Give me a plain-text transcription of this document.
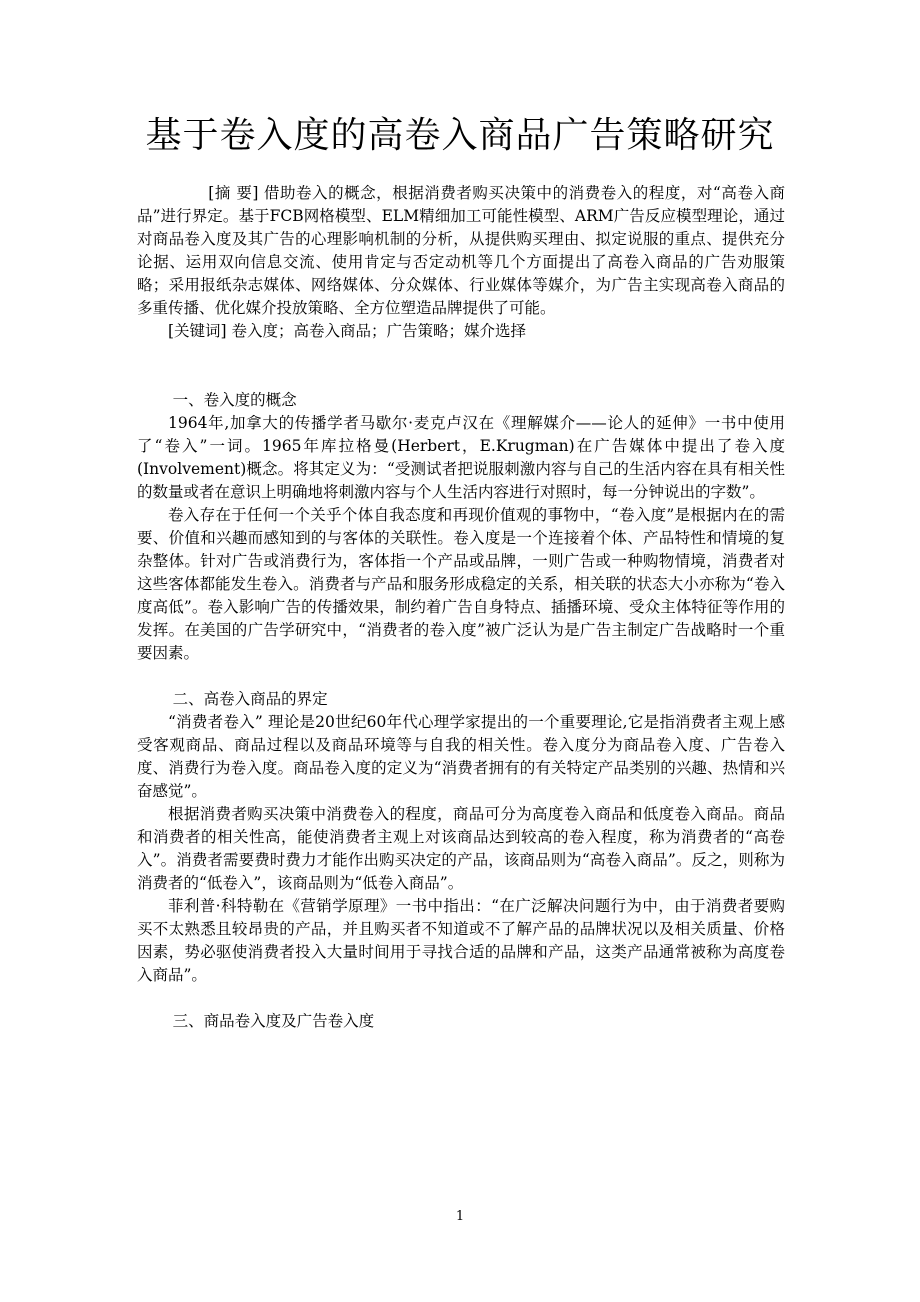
基于卷入度的高卷入商品广告策略研究

[摘 要] 借助卷入的概念，根据消费者购买决策中的消费卷入的程度，对“高卷入商品”进行界定。基于FCB网格模型、ELM精细加工可能性模型、ARM广告反应模型理论，通过对商品卷入度及其广告的心理影响机制的分析，从提供购买理由、拟定说服的重点、提供充分论据、运用双向信息交流、使用肯定与否定动机等几个方面提出了高卷入商品的广告劝服策略；采用报纸杂志媒体、网络媒体、分众媒体、行业媒体等媒介，为广告主实现高卷入商品的多重传播、优化媒介投放策略、全方位塑造品牌提供了可能。

[关键词] 卷入度；高卷入商品；广告策略；媒介选择

一、卷入度的概念

1964年,加拿大的传播学者马歇尔·麦克卢汉在《理解媒介——论人的延伸》一书中使用了“卷入”一词。1965年库拉格曼(Herbert，E.Krugman)在广告媒体中提出了卷入度(Involvement)概念。将其定义为：“受测试者把说服刺激内容与自己的生活内容在具有相关性的数量或者在意识上明确地将刺激内容与个人生活内容进行对照时，每一分钟说出的字数”。

卷入存在于任何一个关乎个体自我态度和再现价值观的事物中，“卷入度”是根据内在的需要、价值和兴趣而感知到的与客体的关联性。卷入度是一个连接着个体、产品特性和情境的复杂整体。针对广告或消费行为，客体指一个产品或品牌，一则广告或一种购物情境，消费者对这些客体都能发生卷入。消费者与产品和服务形成稳定的关系，相关联的状态大小亦称为“卷入度高低”。卷入影响广告的传播效果，制约着广告自身特点、插播环境、受众主体特征等作用的发挥。在美国的广告学研究中，“消费者的卷入度”被广泛认为是广告主制定广告战略时一个重要因素。

二、高卷入商品的界定

“消费者卷入” 理论是20世纪60年代心理学家提出的一个重要理论,它是指消费者主观上感受客观商品、商品过程以及商品环境等与自我的相关性。卷入度分为商品卷入度、广告卷入度、消费行为卷入度。商品卷入度的定义为“消费者拥有的有关特定产品类别的兴趣、热情和兴奋感觉”。

根据消费者购买决策中消费卷入的程度，商品可分为高度卷入商品和低度卷入商品。商品和消费者的相关性高，能使消费者主观上对该商品达到较高的卷入程度，称为消费者的“高卷入”。消费者需要费时费力才能作出购买决定的产品，该商品则为“高卷入商品”。反之，则称为消费者的“低卷入”，该商品则为“低卷入商品”。

菲利普·科特勒在《营销学原理》一书中指出：“在广泛解决问题行为中，由于消费者要购买不太熟悉且较昂贵的产品，并且购买者不知道或不了解产品的品牌状况以及相关质量、价格因素，势必驱使消费者投入大量时间用于寻找合适的品牌和产品，这类产品通常被称为高度卷入商品”。

三、商品卷入度及广告卷入度

1
